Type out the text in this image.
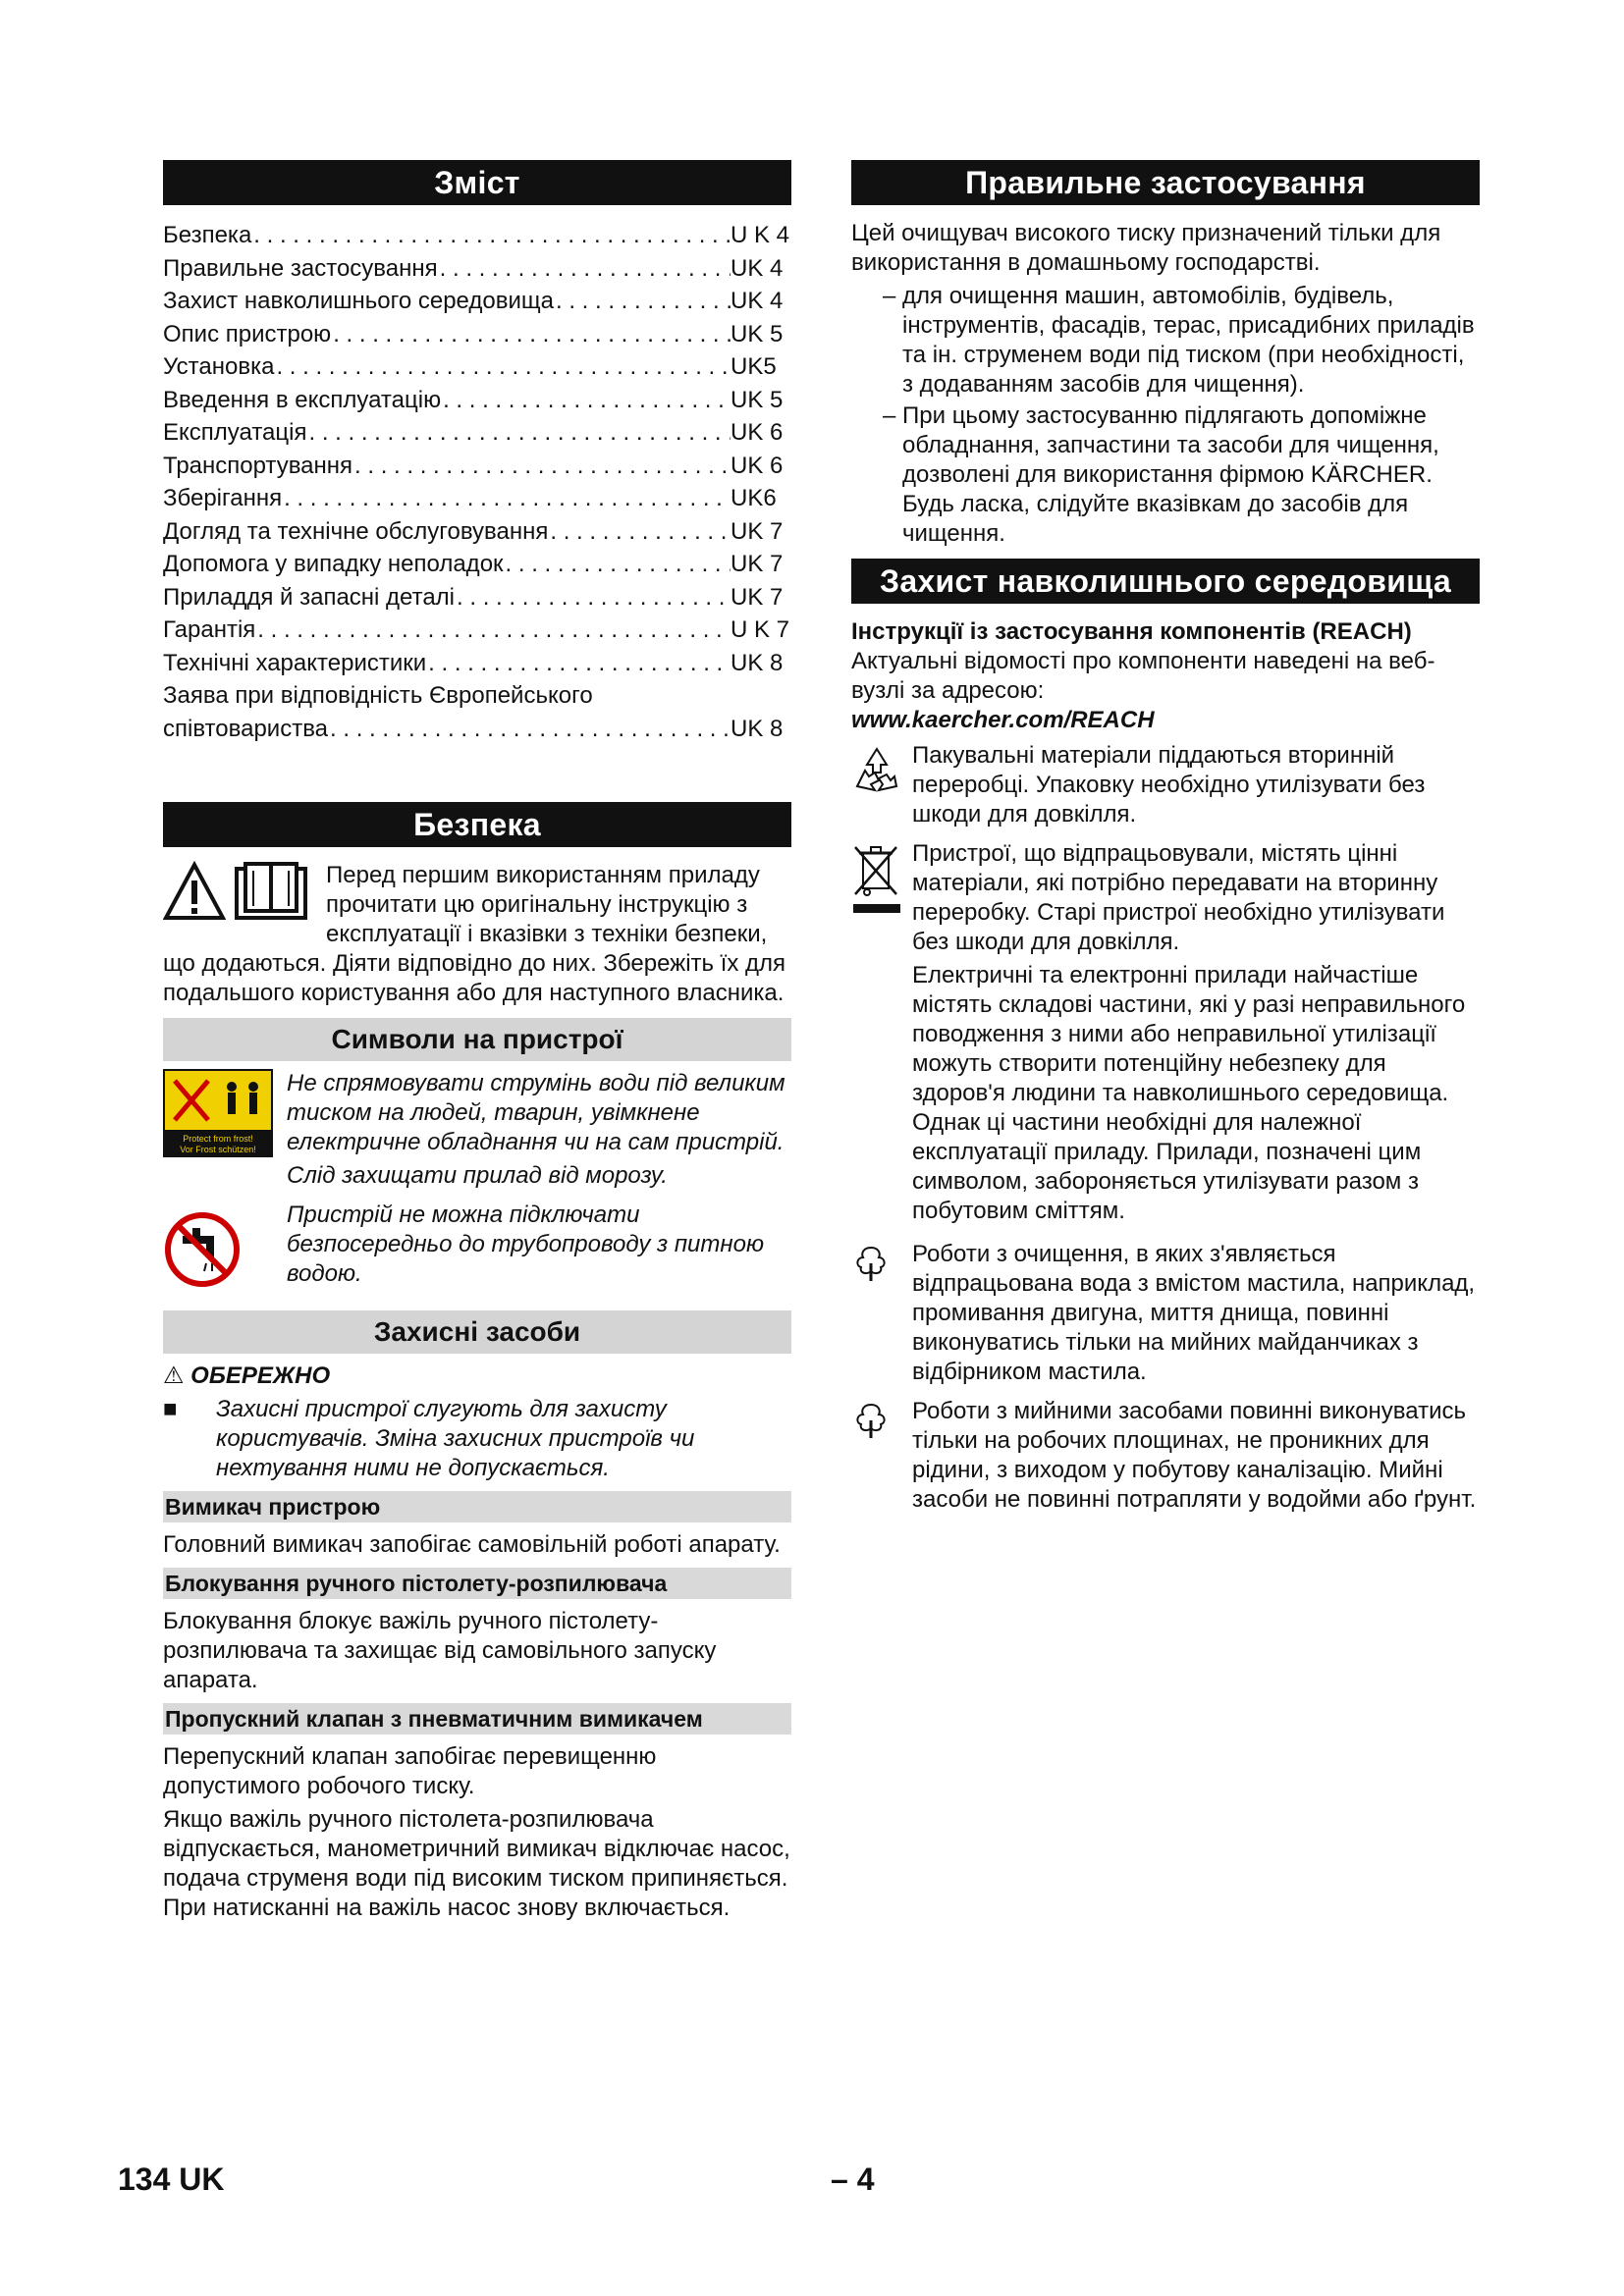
Зміст
Безпека . . .	U K 4
Правильне застосування . . .	UK 4
Захист навколишнього середовища . . .	UK 4
Опис пристрою . . .	UK 5
Установка . . .	UK5
Введення в експлуатацію . . .	UK 5
Експлуатація . . .	UK 6
Транспортування . . .	UK 6
Зберігання . . .	UK6
Догляд та технічне обслуговування . . .	UK 7
Допомога у випадку неполадок . . .	UK 7
Приладдя й запасні деталі . . .	UK 7
Гарантія . . .	U K 7
Технічні характеристики . . .	UK 8
Заява при відповідність Європейського
співтовариства . . .	UK 8
Безпека

Перед першим використанням приладу прочитати цю оригінальну інструкцію з експлуатації і вказівки з техніки безпеки, що додаються. Діяти відповідно до них. Збережіть їх для подальшого користування або для наступного власника.

Символи на пристрої
Protect from frost!
Vor Frost schützen!

Не спрямовувати струмінь води під великим тиском на людей, тварин, увімкнене електричне обладнання чи на сам пристрій.

Слід захищати прилад від морозу.

Пристрій не можна підключати безпосередньо до трубопроводу з питною водою.

Захисні засоби

⚠ ОБЕРЕЖНО

■	Захисні пристрої слугують для захисту користувачів. Зміна захисних пристроїв чи нехтування ними не допускається.
Вимикач пристрою

Головний вимикач запобігає самовільній роботі апарату.

Блокування ручного пістолету-розпилювача

Блокування блокує важіль ручного пістолету-розпилювача та захищає від самовільного запуску апарата.

Пропускний клапан з пневматичним вимикачем

Перепускний клапан запобігає перевищенню допустимого робочого тиску.

Якщо важіль ручного пістолета-розпилювача відпускається, манометричний вимикач відключає насос, подача струменя води під високим тиском припиняється. При натисканні на важіль насос знову включається.

Правильне застосування

Цей очищувач високого тиску призначений тільки для використання в домашньому господарстві.

– для очищення машин, автомобілів, будівель, інструментів, фасадів, терас, присадибних приладів та ін. струменем води під тиском (при необхідності, з додаванням засобів для чищення).

– При цьому застосуванню підлягають допоміжне обладнання, запчастини та засоби для чищення, дозволені для використання фірмою KÄRCHER. Будь ласка, слідуйте вказівкам до засобів для чищення.

Захист навколишнього середовища

Інструкції із застосування компонентів (REACH)

Актуальні відомості про компоненти наведені на веб-вузлі за адресою:

www.kaercher.com/REACH

Пакувальні матеріали піддаються вторинній переробці. Упаковку необхідно утилізувати без шкоди для довкілля.

Пристрої, що відпрацьовували, містять цінні матеріали, які потрібно передавати на вторинну переробку. Старі пристрої необхідно утилізувати без шкоди для довкілля.

Електричні та електронні прилади найчастіше містять складові частини, які у разі неправильного поводження з ними або неправильної утилізації можуть створити потенційну небезпеку для здоров'я людини та навколишнього середовища. Однак ці частини необхідні для належної експлуатації приладу. Прилади, позначені цим символом, забороняється утилізувати разом з побутовим сміттям.

Роботи з очищення, в яких з'являється відпрацьована вода з вмістом мастила, наприклад, промивання двигуна, миття днища, повинні виконуватись тільки на мийних майданчиках з відбірником мастила.
Роботи з мийними засобами повинні виконуватись тільки на робочих площинах, не проникних для рідини, з виходом у побутову каналізацію. Мийні засоби не повинні потрапляти у водойми або ґрунт.
134 UK	– 4
